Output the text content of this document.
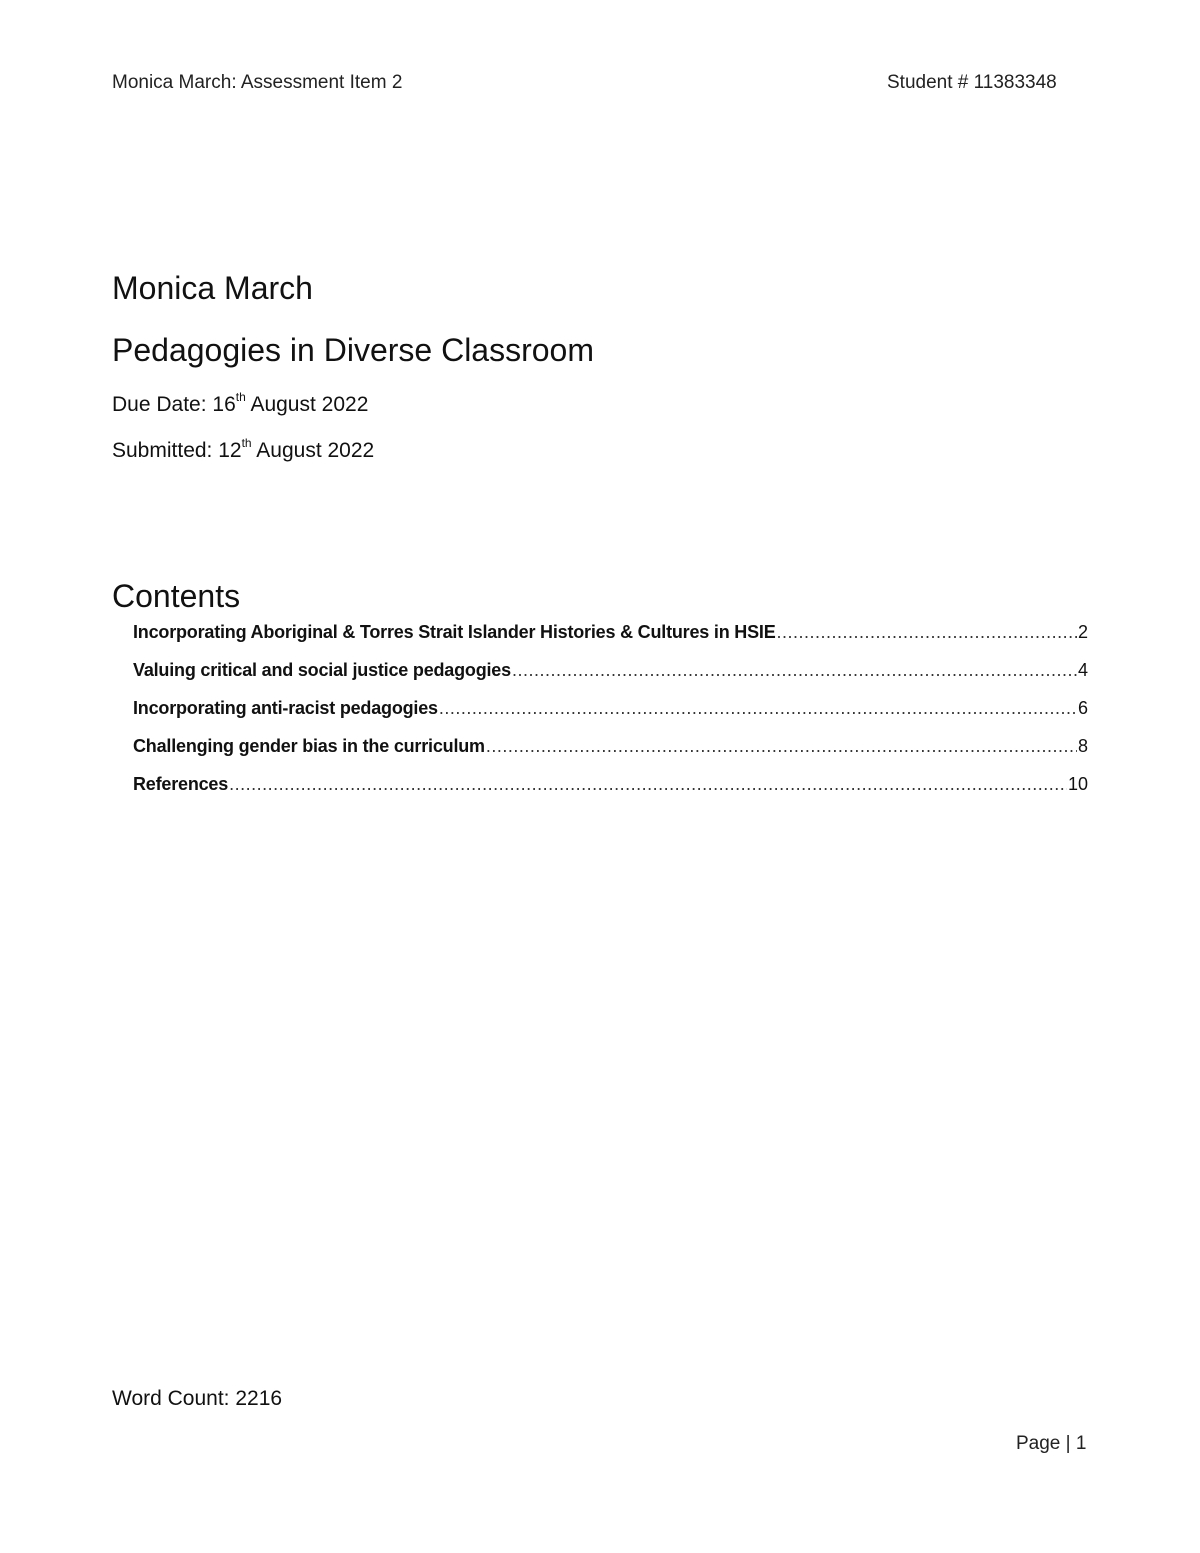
Monica March: Assessment Item 2	Student # 11383348
Monica March
Pedagogies in Diverse Classroom
Due Date: 16th August 2022
Submitted: 12th August 2022
Contents
Incorporating Aboriginal & Torres Strait Islander Histories & Cultures in HSIE .....	2
Valuing critical and social justice pedagogies .....	4
Incorporating anti-racist pedagogies .....	6
Challenging gender bias in the curriculum .....	8
References .....	10
Word Count: 2216
Page | 1
